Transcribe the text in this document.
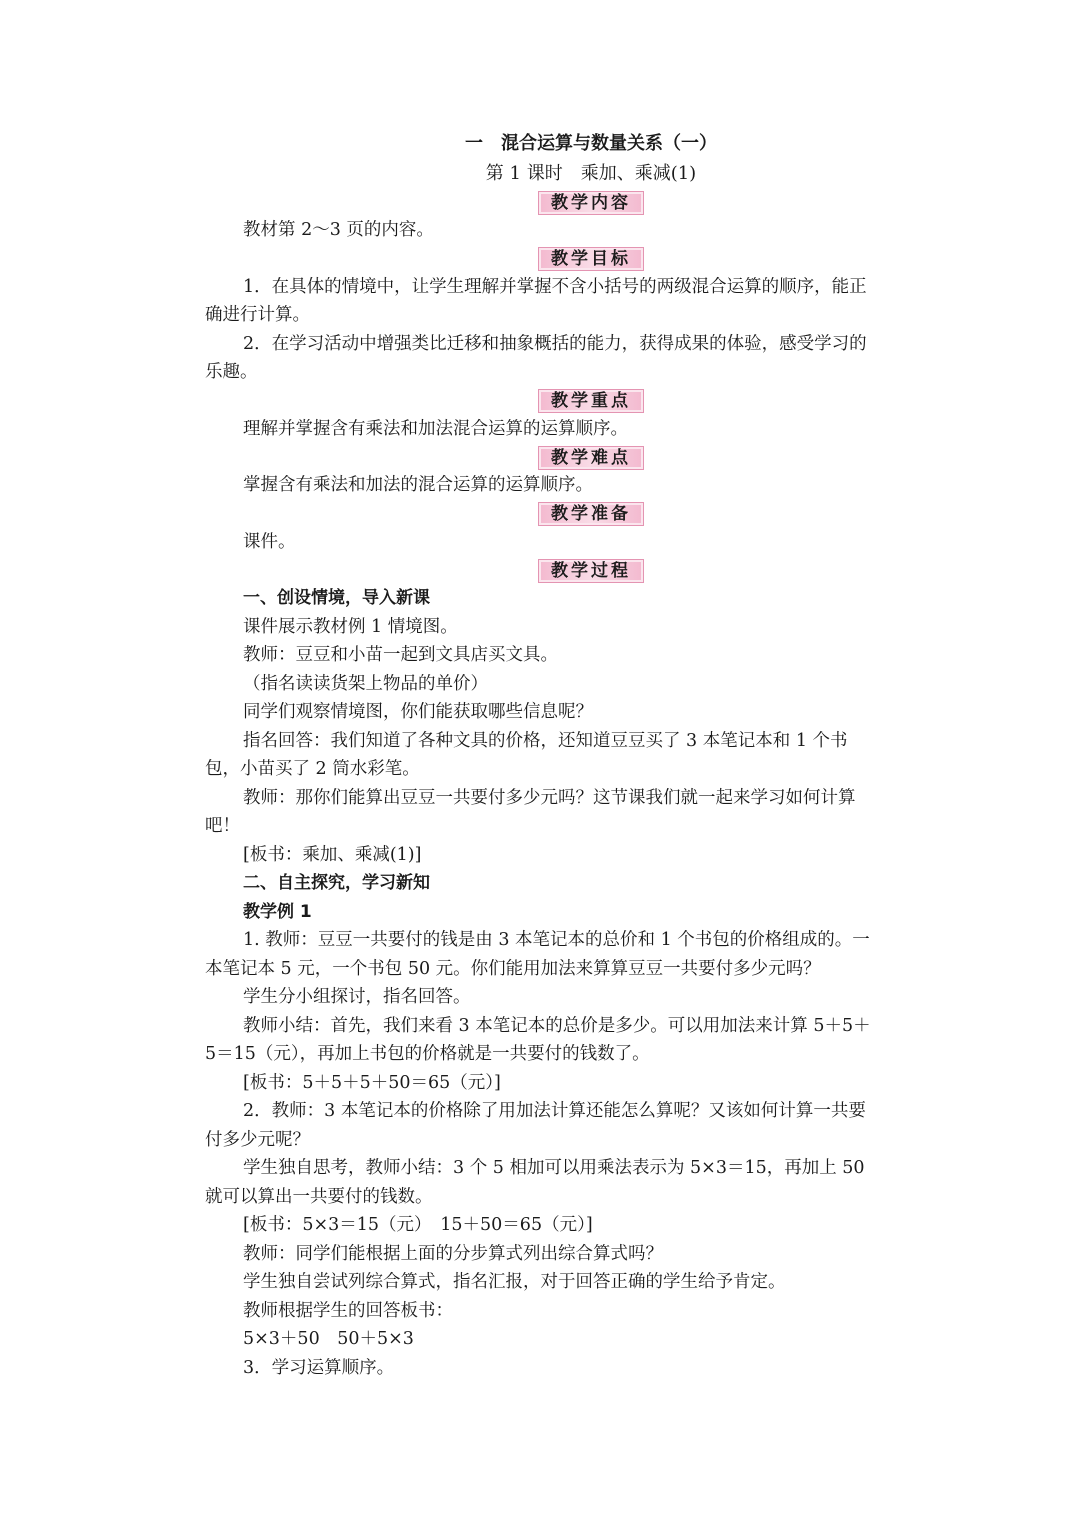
一　混合运算与数量关系（一）

第 1 课时　乘加、乘减(1)

教学内容

教材第 2～3 页的内容。

教学目标

1．在具体的情境中，让学生理解并掌握不含小括号的两级混合运算的顺序，能正确进行计算。

2．在学习活动中增强类比迁移和抽象概括的能力，获得成果的体验，感受学习的乐趣。

教学重点

理解并掌握含有乘法和加法混合运算的运算顺序。

教学难点

掌握含有乘法和加法的混合运算的运算顺序。

教学准备

课件。

教学过程

一、创设情境，导入新课

课件展示教材例 1 情境图。

教师：豆豆和小苗一起到文具店买文具。

（指名读读货架上物品的单价）

同学们观察情境图，你们能获取哪些信息呢？

指名回答：我们知道了各种文具的价格，还知道豆豆买了 3 本笔记本和 1 个书包，小苗买了 2 筒水彩笔。

教师：那你们能算出豆豆一共要付多少元吗？这节课我们就一起来学习如何计算吧！

[板书：乘加、乘减(1)]

二、自主探究，学习新知

教学例 1

1. 教师：豆豆一共要付的钱是由 3 本笔记本的总价和 1 个书包的价格组成的。一本笔记本 5 元，一个书包 50 元。你们能用加法来算算豆豆一共要付多少元吗？

学生分小组探讨，指名回答。

教师小结：首先，我们来看 3 本笔记本的总价是多少。可以用加法来计算 5＋5＋5＝15（元），再加上书包的价格就是一共要付的钱数了。

[板书：5＋5＋5＋50＝65（元）]

2．教师：3 本笔记本的价格除了用加法计算还能怎么算呢？又该如何计算一共要付多少元呢？

学生独自思考，教师小结：3 个 5 相加可以用乘法表示为 5×3＝15，再加上 50 就可以算出一共要付的钱数。

[板书：5×3＝15（元）　15＋50＝65（元）]

教师：同学们能根据上面的分步算式列出综合算式吗？

学生独自尝试列综合算式，指名汇报，对于回答正确的学生给予肯定。

教师根据学生的回答板书：

5×3＋50　50＋5×3

3．学习运算顺序。
